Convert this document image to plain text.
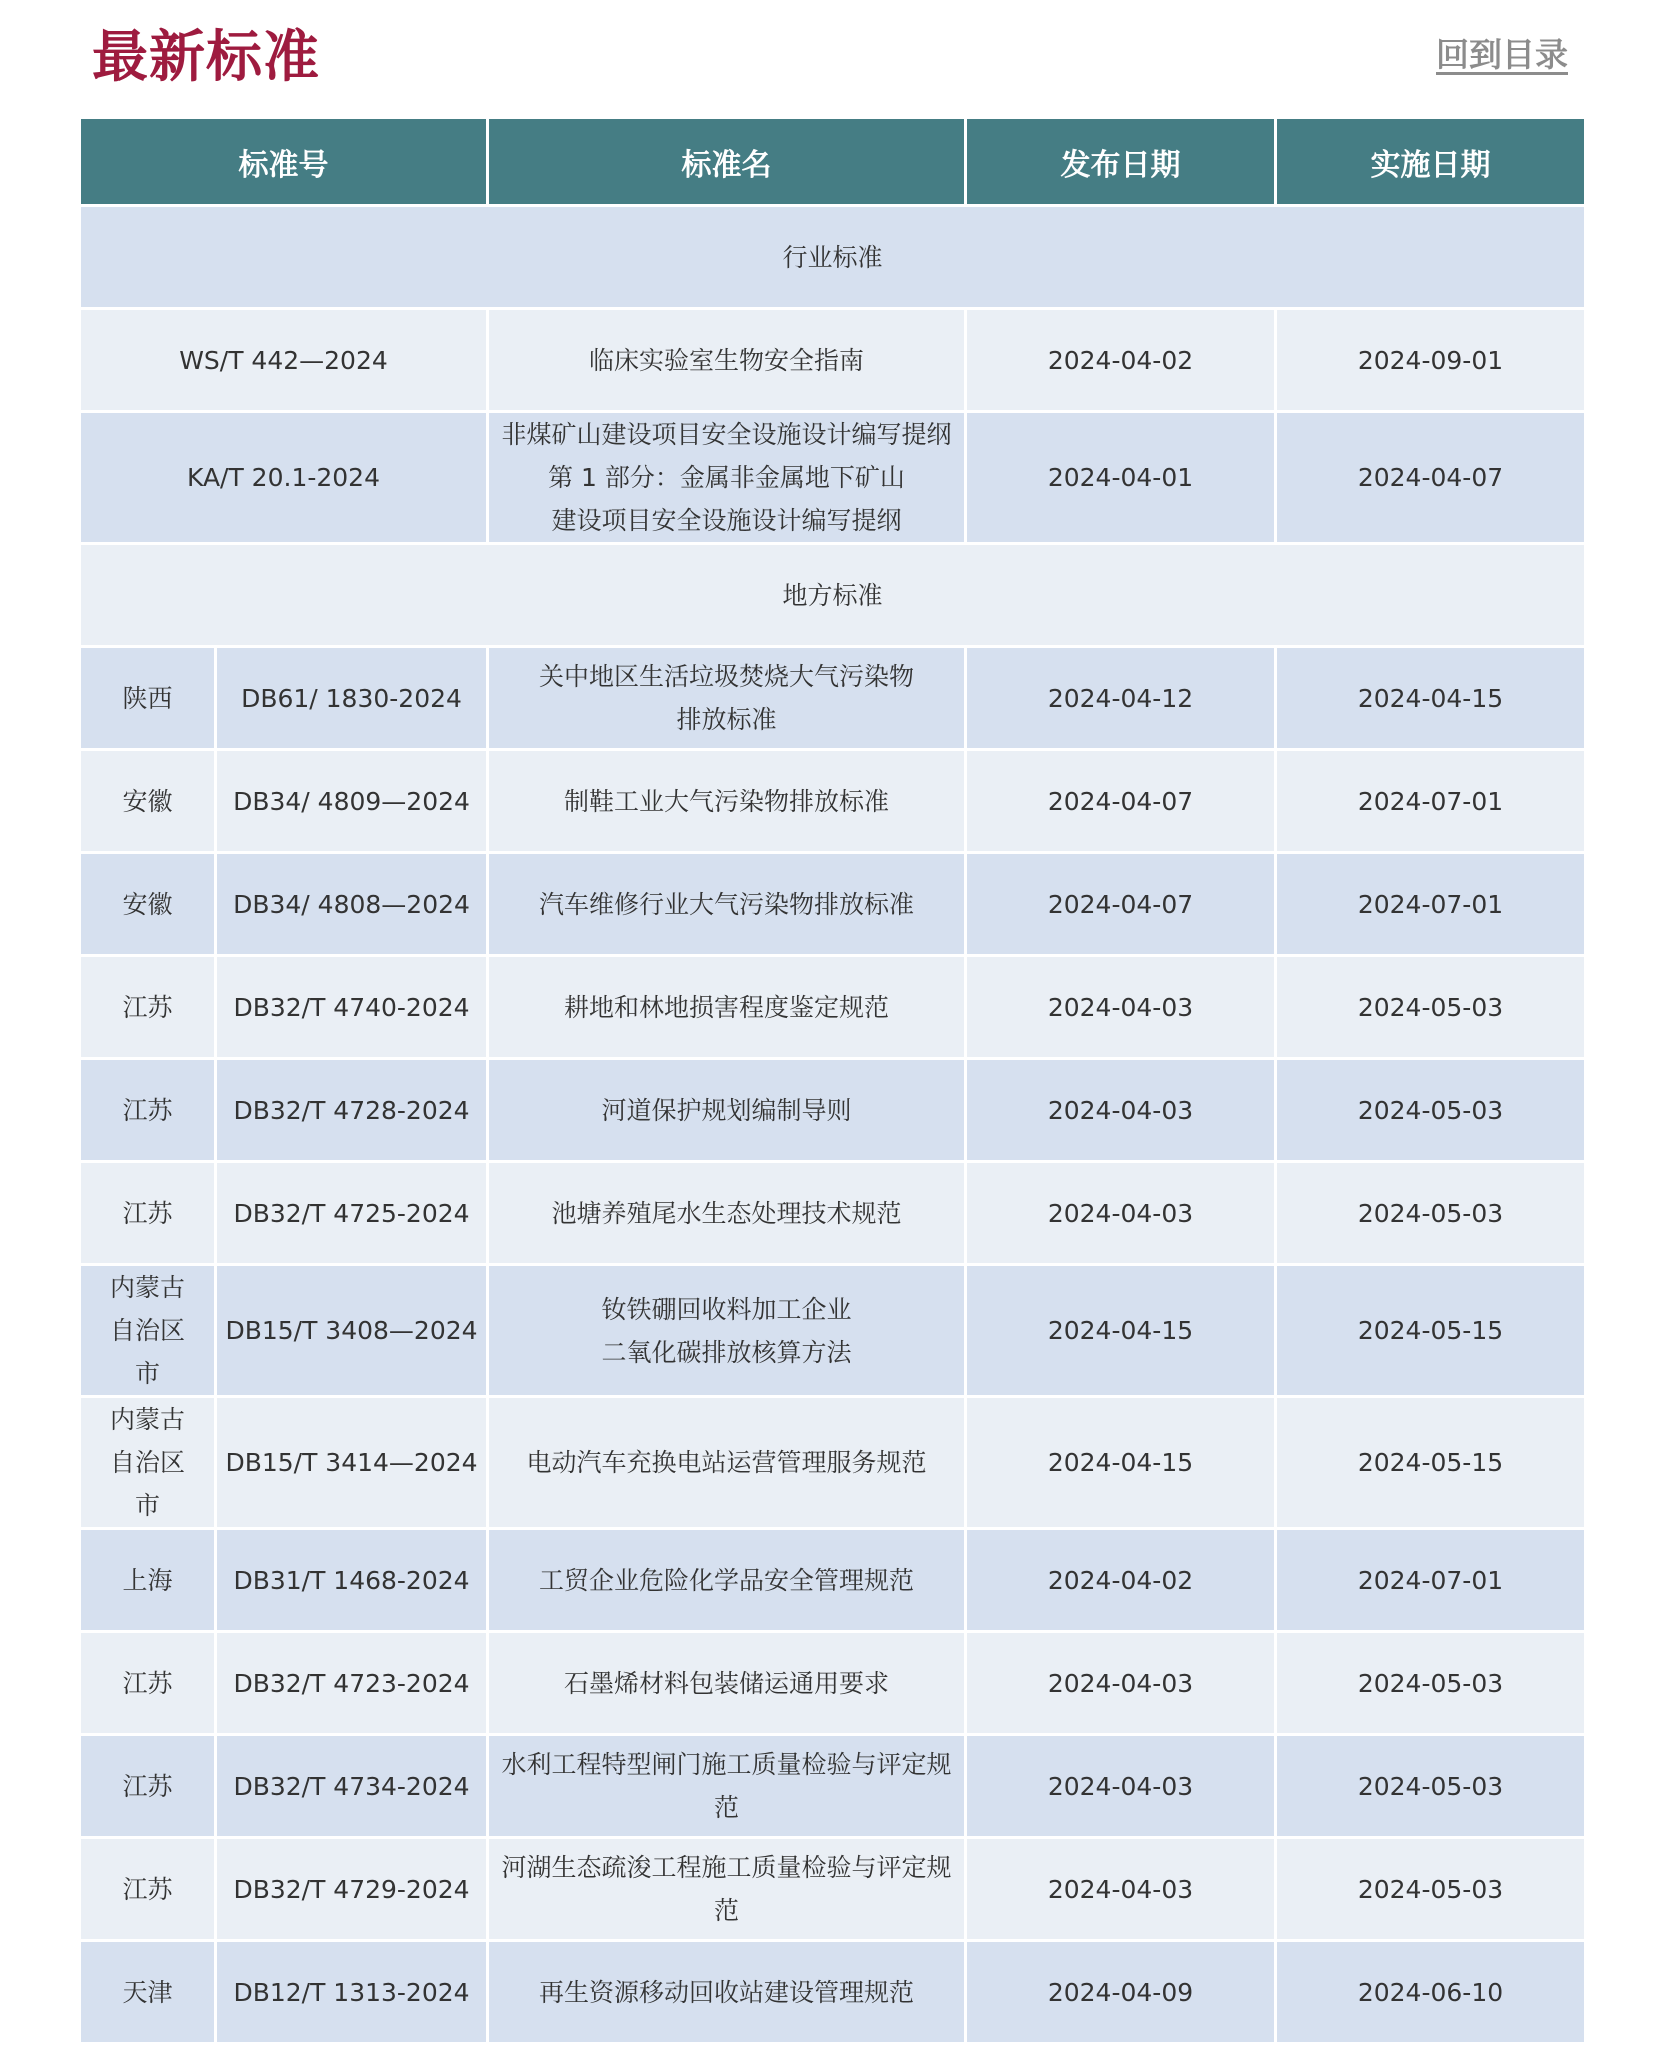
最新标准	回到目录
标准号		标准名	发布日期	实施日期
行业标准				
WS/T 442—2024		临床实验室生物安全指南	2024-04-02	2024-09-01
KA/T 20.1-2024		非煤矿山建设项目安全设施设计编写提纲
第 1 部分：金属非金属地下矿山
建设项目安全设施设计编写提纲	2024-04-01	2024-04-07
地方标准				
陕西	DB61/ 1830-2024	关中地区生活垃圾焚烧大气污染物
排放标准	2024-04-12	2024-04-15
安徽	DB34/ 4809—2024	制鞋工业大气污染物排放标准	2024-04-07	2024-07-01
安徽	DB34/ 4808—2024	汽车维修行业大气污染物排放标准	2024-04-07	2024-07-01
江苏	DB32/T 4740-2024	耕地和林地损害程度鉴定规范	2024-04-03	2024-05-03
江苏	DB32/T 4728-2024	河道保护规划编制导则	2024-04-03	2024-05-03
江苏	DB32/T 4725-2024	池塘养殖尾水生态处理技术规范	2024-04-03	2024-05-03
内蒙古自治区市	DB15/T 3408—2024	钕铁硼回收料加工企业
二氧化碳排放核算方法	2024-04-15	2024-05-15
内蒙古自治区市	DB15/T 3414—2024	电动汽车充换电站运营管理服务规范	2024-04-15	2024-05-15
上海	DB31/T 1468-2024	工贸企业危险化学品安全管理规范	2024-04-02	2024-07-01
江苏	DB32/T 4723-2024	石墨烯材料包装储运通用要求	2024-04-03	2024-05-03
江苏	DB32/T 4734-2024	水利工程特型闸门施工质量检验与评定规
范	2024-04-03	2024-05-03
江苏	DB32/T 4729-2024	河湖生态疏浚工程施工质量检验与评定规
范	2024-04-03	2024-05-03
天津	DB12/T 1313-2024	再生资源移动回收站建设管理规范	2024-04-09	2024-06-10
